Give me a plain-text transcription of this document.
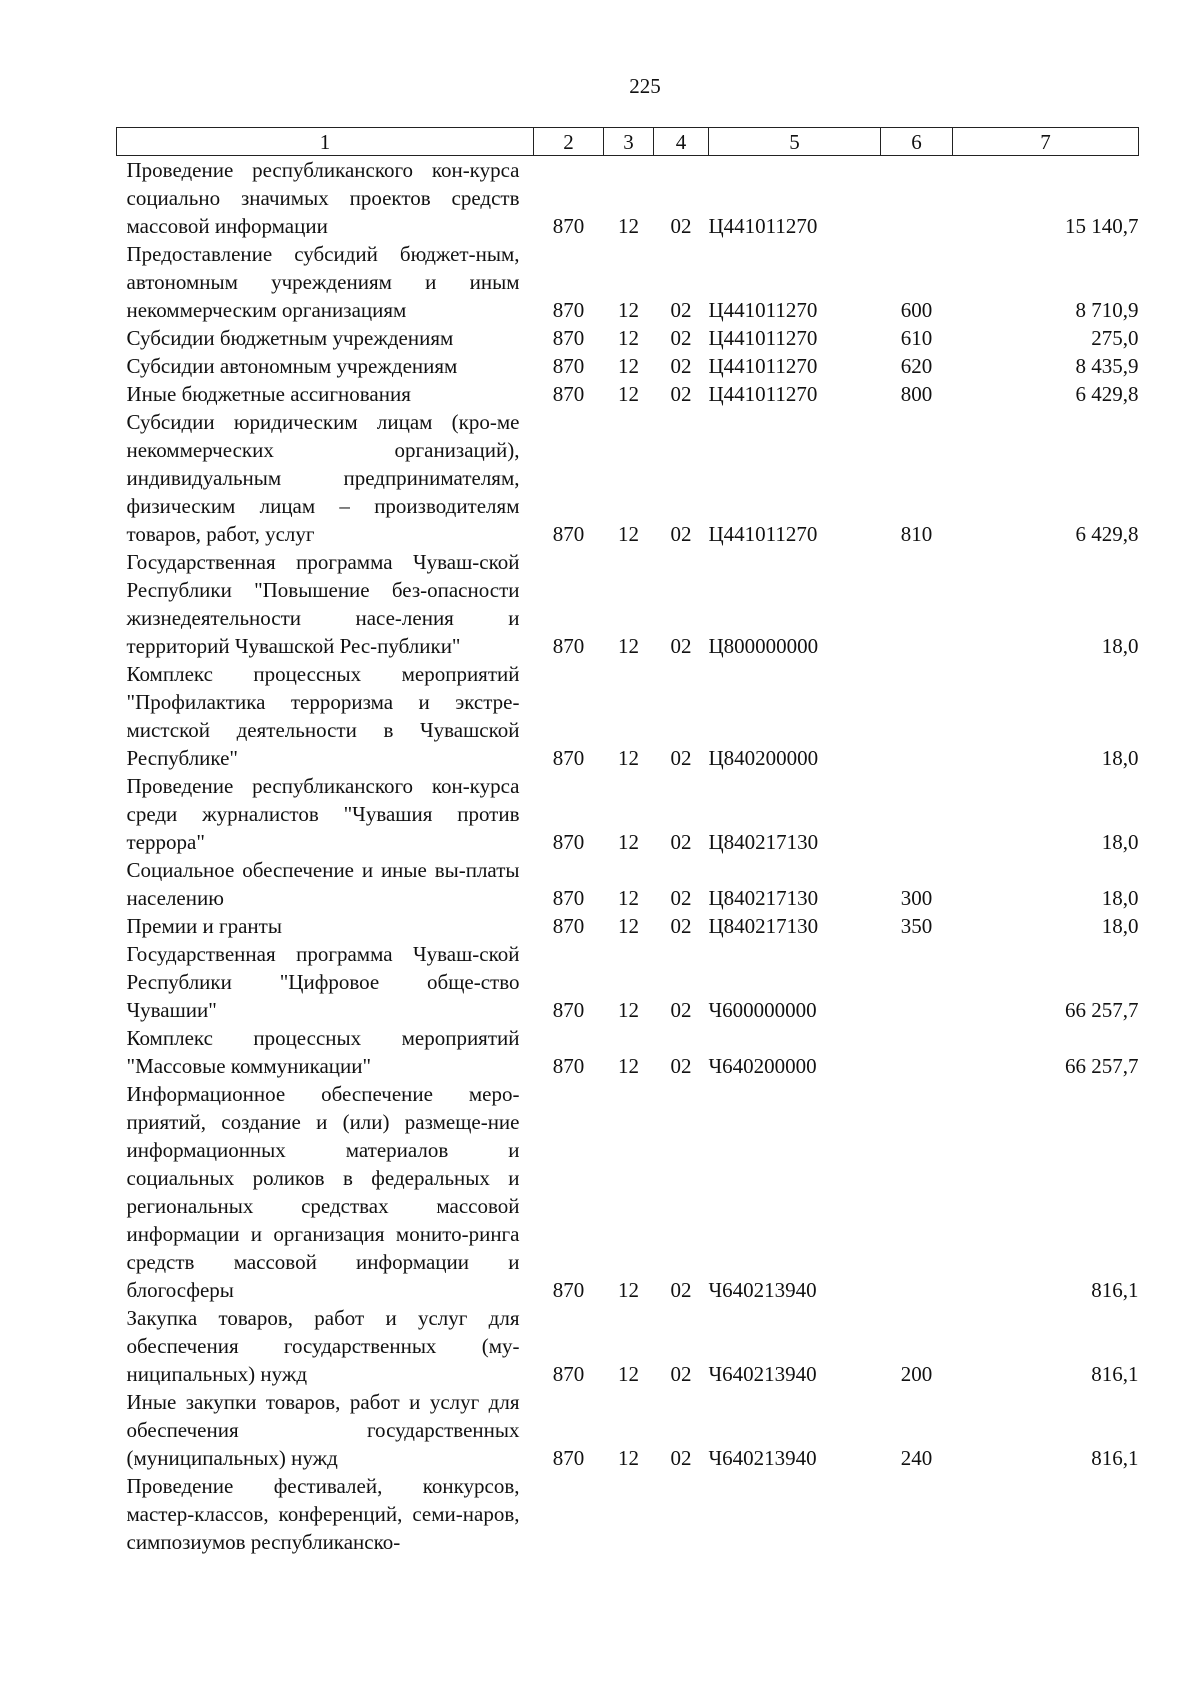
225
1	2	3	4	5	6	7
Проведение республиканского кон-курса социально значимых проектов средств массовой информации	870	12	02	Ц441011270		15 140,7
Предоставление субсидий бюджет-ным, автономным учреждениям и иным некоммерческим организациям	870	12	02	Ц441011270	600	8 710,9
Субсидии бюджетным учреждениям	870	12	02	Ц441011270	610	275,0
Субсидии автономным учреждениям	870	12	02	Ц441011270	620	8 435,9
Иные бюджетные ассигнования	870	12	02	Ц441011270	800	6 429,8
Субсидии юридическим лицам (кро-ме некоммерческих организаций), индивидуальным предпринимателям, физическим лицам – производителям товаров, работ, услуг	870	12	02	Ц441011270	810	6 429,8
Государственная программа Чуваш-ской Республики "Повышение без-опасности жизнедеятельности насе-ления и территорий Чувашской Рес-публики"	870	12	02	Ц800000000		18,0
Комплекс процессных мероприятий "Профилактика терроризма и экстре-мистской деятельности в Чувашской Республике"	870	12	02	Ц840200000		18,0
Проведение республиканского кон-курса среди журналистов "Чувашия против террора"	870	12	02	Ц840217130		18,0
Социальное обеспечение и иные вы-платы населению	870	12	02	Ц840217130	300	18,0
Премии и гранты	870	12	02	Ц840217130	350	18,0
Государственная программа Чуваш-ской Республики "Цифровое обще-ство Чувашии"	870	12	02	Ч600000000		66 257,7
Комплекс процессных мероприятий "Массовые коммуникации"	870	12	02	Ч640200000		66 257,7
Информационное обеспечение меро-приятий, создание и (или) размеще-ние информационных материалов и социальных роликов в федеральных и региональных средствах массовой информации и организация монито-ринга средств массовой информации и блогосферы	870	12	02	Ч640213940		816,1
Закупка товаров, работ и услуг для обеспечения государственных (му-ниципальных) нужд	870	12	02	Ч640213940	200	816,1
Иные закупки товаров, работ и услуг для обеспечения государственных (муниципальных) нужд	870	12	02	Ч640213940	240	816,1
Проведение фестивалей, конкурсов, мастер-классов, конференций, семи-наров, симпозиумов республиканско-						
